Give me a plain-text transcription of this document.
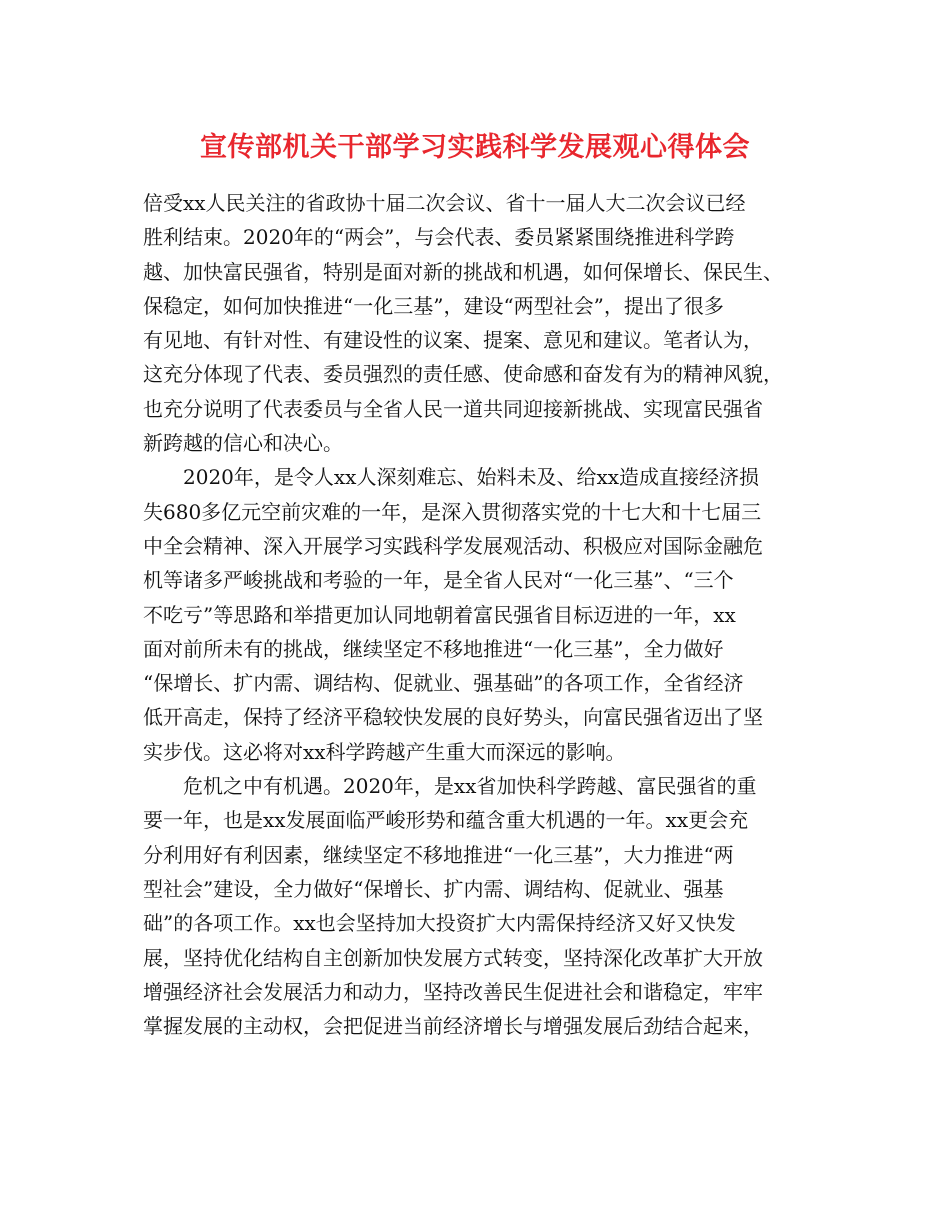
宣传部机关干部学习实践科学发展观心得体会
倍受xx人民关注的省政协十届二次会议、省十一届人大二次会议已经
胜利结束。2020年的“两会”，与会代表、委员紧紧围绕推进科学跨
越、加快富民强省，特别是面对新的挑战和机遇，如何保增长、保民生、
保稳定，如何加快推进“一化三基”，建设“两型社会”，提出了很多
有见地、有针对性、有建设性的议案、提案、意见和建议。笔者认为，
这充分体现了代表、委员强烈的责任感、使命感和奋发有为的精神风貌，
也充分说明了代表委员与全省人民一道共同迎接新挑战、实现富民强省
新跨越的信心和决心。
2020年，是令人xx人深刻难忘、始料未及、给xx造成直接经济损
失680多亿元空前灾难的一年，是深入贯彻落实党的十七大和十七届三
中全会精神、深入开展学习实践科学发展观活动、积极应对国际金融危
机等诸多严峻挑战和考验的一年，是全省人民对“一化三基”、“三个
不吃亏”等思路和举措更加认同地朝着富民强省目标迈进的一年，xx
面对前所未有的挑战，继续坚定不移地推进“一化三基”，全力做好
“保增长、扩内需、调结构、促就业、强基础”的各项工作，全省经济
低开高走，保持了经济平稳较快发展的良好势头，向富民强省迈出了坚
实步伐。这必将对xx科学跨越产生重大而深远的影响。
危机之中有机遇。2020年，是xx省加快科学跨越、富民强省的重
要一年，也是xx发展面临严峻形势和蕴含重大机遇的一年。xx更会充
分利用好有利因素，继续坚定不移地推进“一化三基”，大力推进“两
型社会”建设，全力做好“保增长、扩内需、调结构、促就业、强基
础”的各项工作。xx也会坚持加大投资扩大内需保持经济又好又快发
展，坚持优化结构自主创新加快发展方式转变，坚持深化改革扩大开放
增强经济社会发展活力和动力，坚持改善民生促进社会和谐稳定，牢牢
掌握发展的主动权，会把促进当前经济增长与增强发展后劲结合起来，
